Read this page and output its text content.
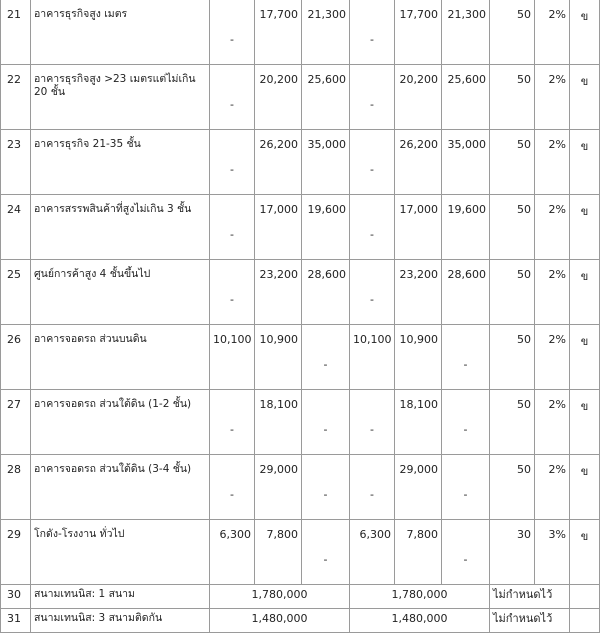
21	อาคารธุรกิจสูง เมตร	-	17,700	21,300	-	17,700	21,300	50	2%	ข
22	อาคารธุรกิจสูง >23 เมตรแต่ไม่เกิน 20 ชั้น	-	20,200	25,600	-	20,200	25,600	50	2%	ข
23	อาคารธุรกิจ 21-35 ชั้น	-	26,200	35,000	-	26,200	35,000	50	2%	ข
24	อาคารสรรพสินค้าที่สูงไม่เกิน 3 ชั้น	-	17,000	19,600	-	17,000	19,600	50	2%	ข
25	ศูนย์การค้าสูง 4 ชั้นขึ้นไป	-	23,200	28,600	-	23,200	28,600	50	2%	ข
26	อาคารจอดรถ ส่วนบนดิน	10,100	10,900	-	10,100	10,900	-	50	2%	ข
27	อาคารจอดรถ ส่วนใต้ดิน (1-2 ชั้น)	-	18,100	-	-	18,100	-	50	2%	ข
28	อาคารจอดรถ ส่วนใต้ดิน (3-4 ชั้น)	-	29,000	-	-	29,000	-	50	2%	ข
29	โกดัง-โรงงาน ทั่วไป	6,300	7,800	-	6,300	7,800	-	30	3%	ข
30	สนามเทนนิส: 1 สนาม	1,780,000			1,780,000			ไม่กำหนดไว้		
31	สนามเทนนิส: 3 สนามติดกัน	1,480,000			1,480,000			ไม่กำหนดไว้		
